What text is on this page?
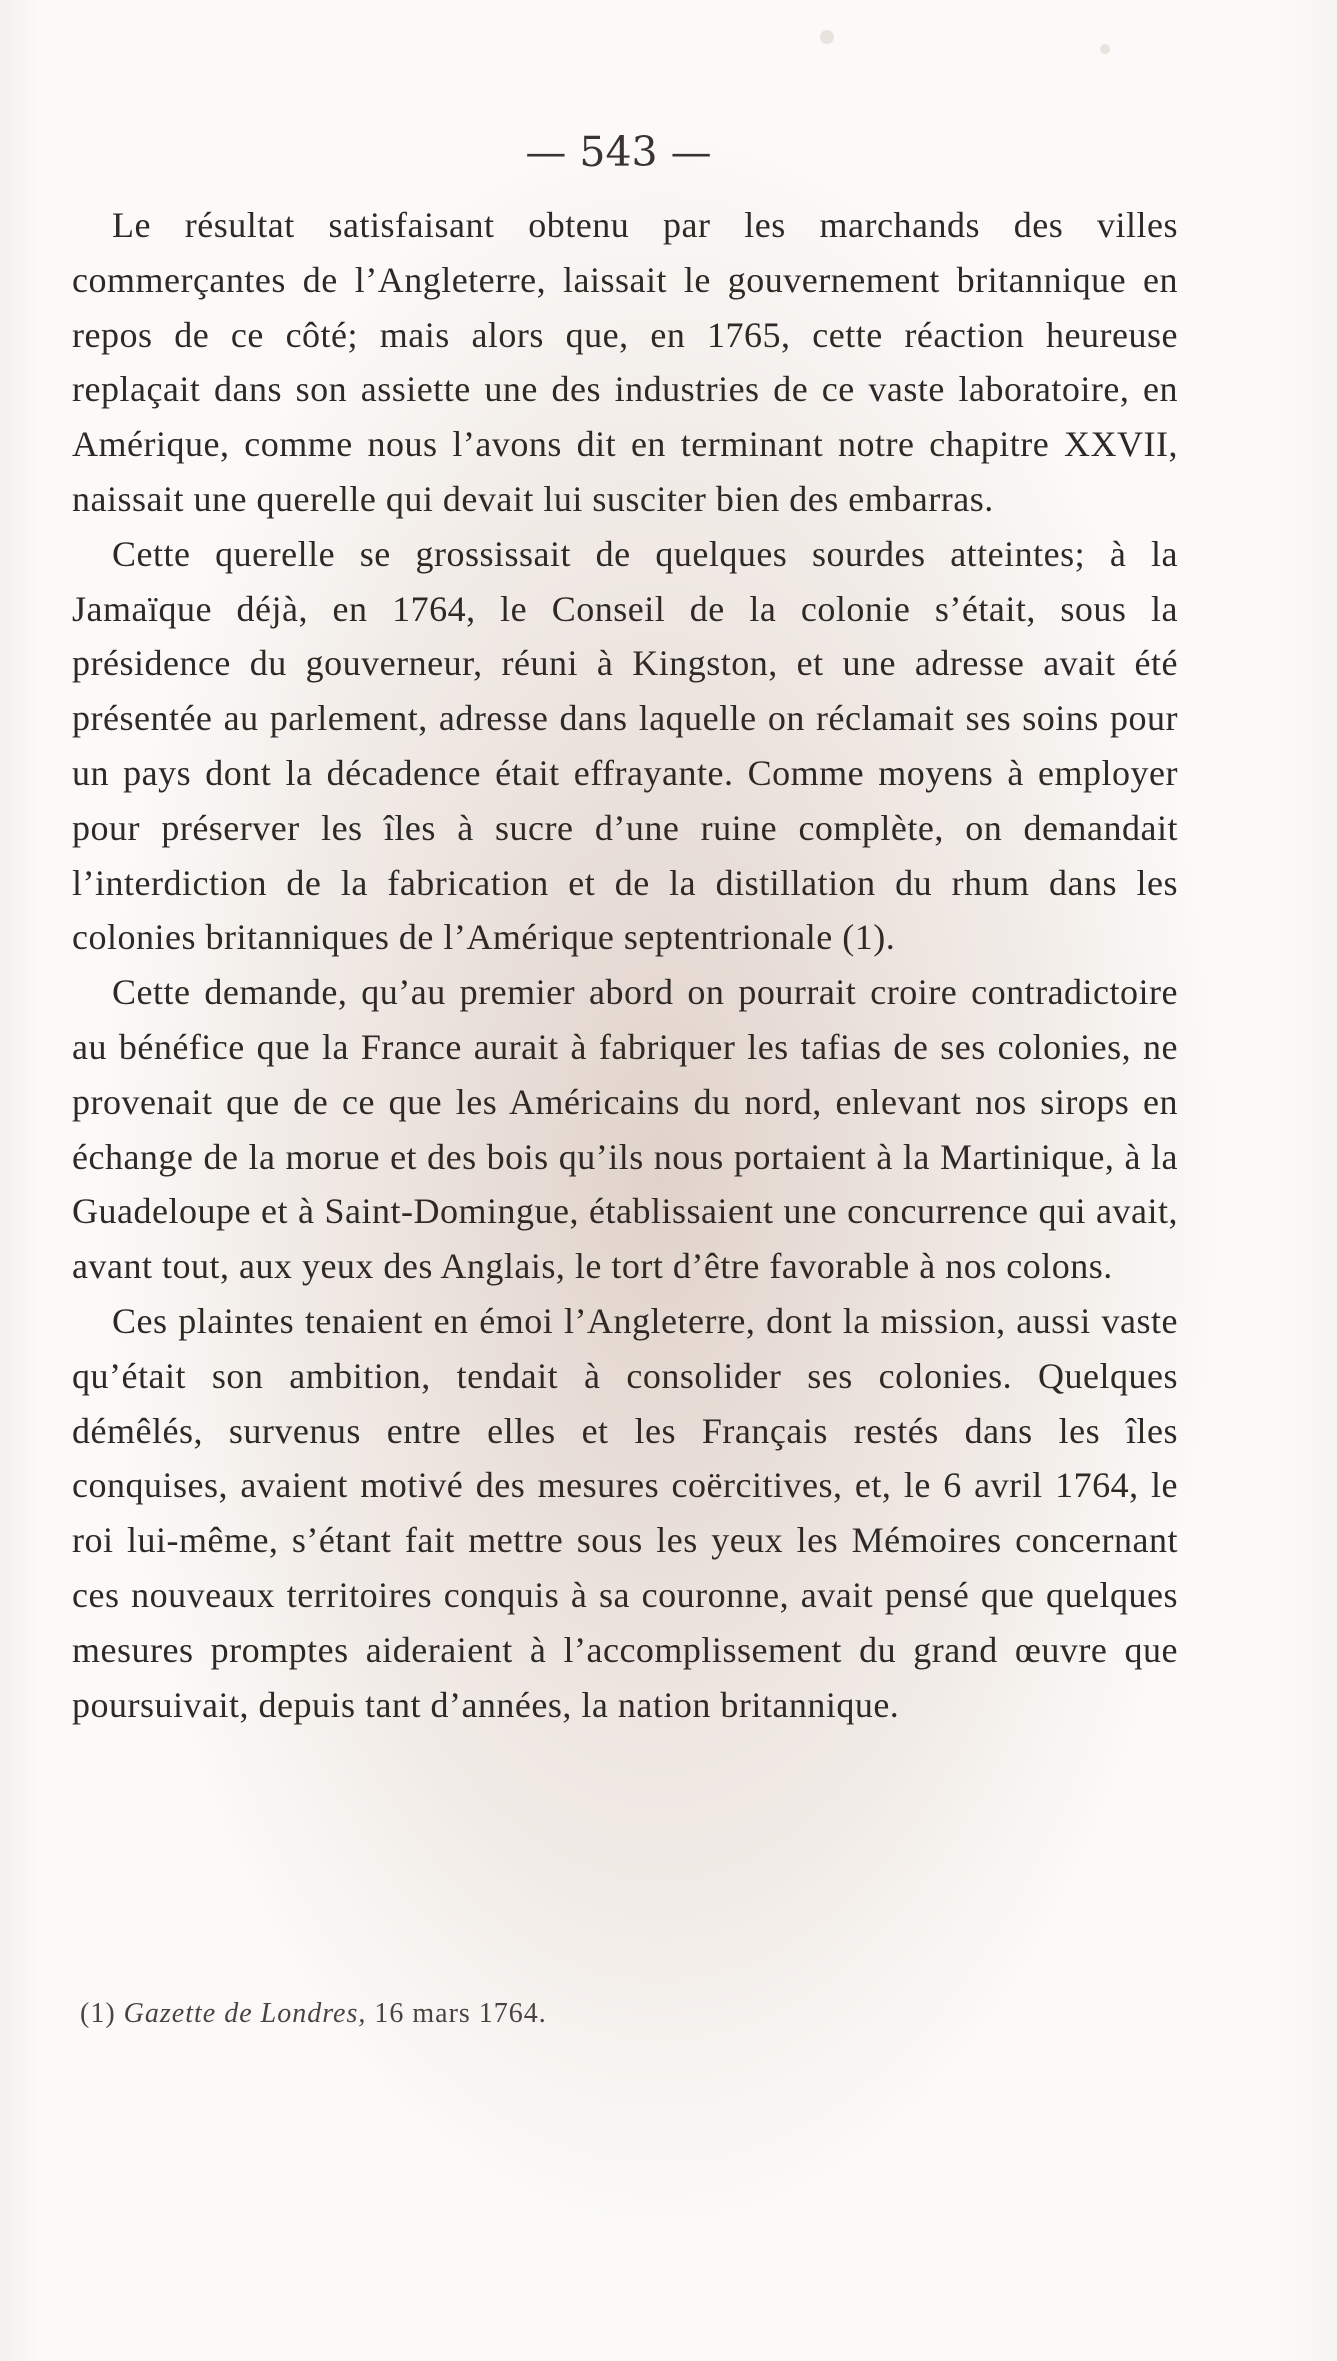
— 543 —

Le résultat satisfaisant obtenu par les marchands des villes commerçantes de l’Angleterre, laissait le gouvernement britannique en repos de ce côté; mais alors que, en 1765, cette réaction heureuse replaçait dans son assiette une des industries de ce vaste laboratoire, en Amérique, comme nous l’avons dit en terminant notre chapitre XXVII, naissait une querelle qui devait lui susciter bien des embarras.

Cette querelle se grossissait de quelques sourdes atteintes; à la Jamaïque déjà, en 1764, le Conseil de la colonie s’était, sous la présidence du gouverneur, réuni à Kingston, et une adresse avait été présentée au parlement, adresse dans laquelle on réclamait ses soins pour un pays dont la décadence était effrayante. Comme moyens à employer pour préserver les îles à sucre d’une ruine complète, on demandait l’interdiction de la fabrication et de la distillation du rhum dans les colonies britanniques de l’Amérique septentrionale (1).

Cette demande, qu’au premier abord on pourrait croire contradictoire au bénéfice que la France aurait à fabriquer les tafias de ses colonies, ne provenait que de ce que les Américains du nord, enlevant nos sirops en échange de la morue et des bois qu’ils nous portaient à la Martinique, à la Guadeloupe et à Saint-Domingue, établissaient une concurrence qui avait, avant tout, aux yeux des Anglais, le tort d’être favorable à nos colons.

Ces plaintes tenaient en émoi l’Angleterre, dont la mission, aussi vaste qu’était son ambition, tendait à consolider ses colonies. Quelques démêlés, survenus entre elles et les Français restés dans les îles conquises, avaient motivé des mesures coërcitives, et, le 6 avril 1764, le roi lui-même, s’étant fait mettre sous les yeux les Mémoires concernant ces nouveaux territoires conquis à sa couronne, avait pensé que quelques mesures promptes aideraient à l’accomplissement du grand œuvre que poursuivait, depuis tant d’années, la nation britannique.

(1) Gazette de Londres, 16 mars 1764.
